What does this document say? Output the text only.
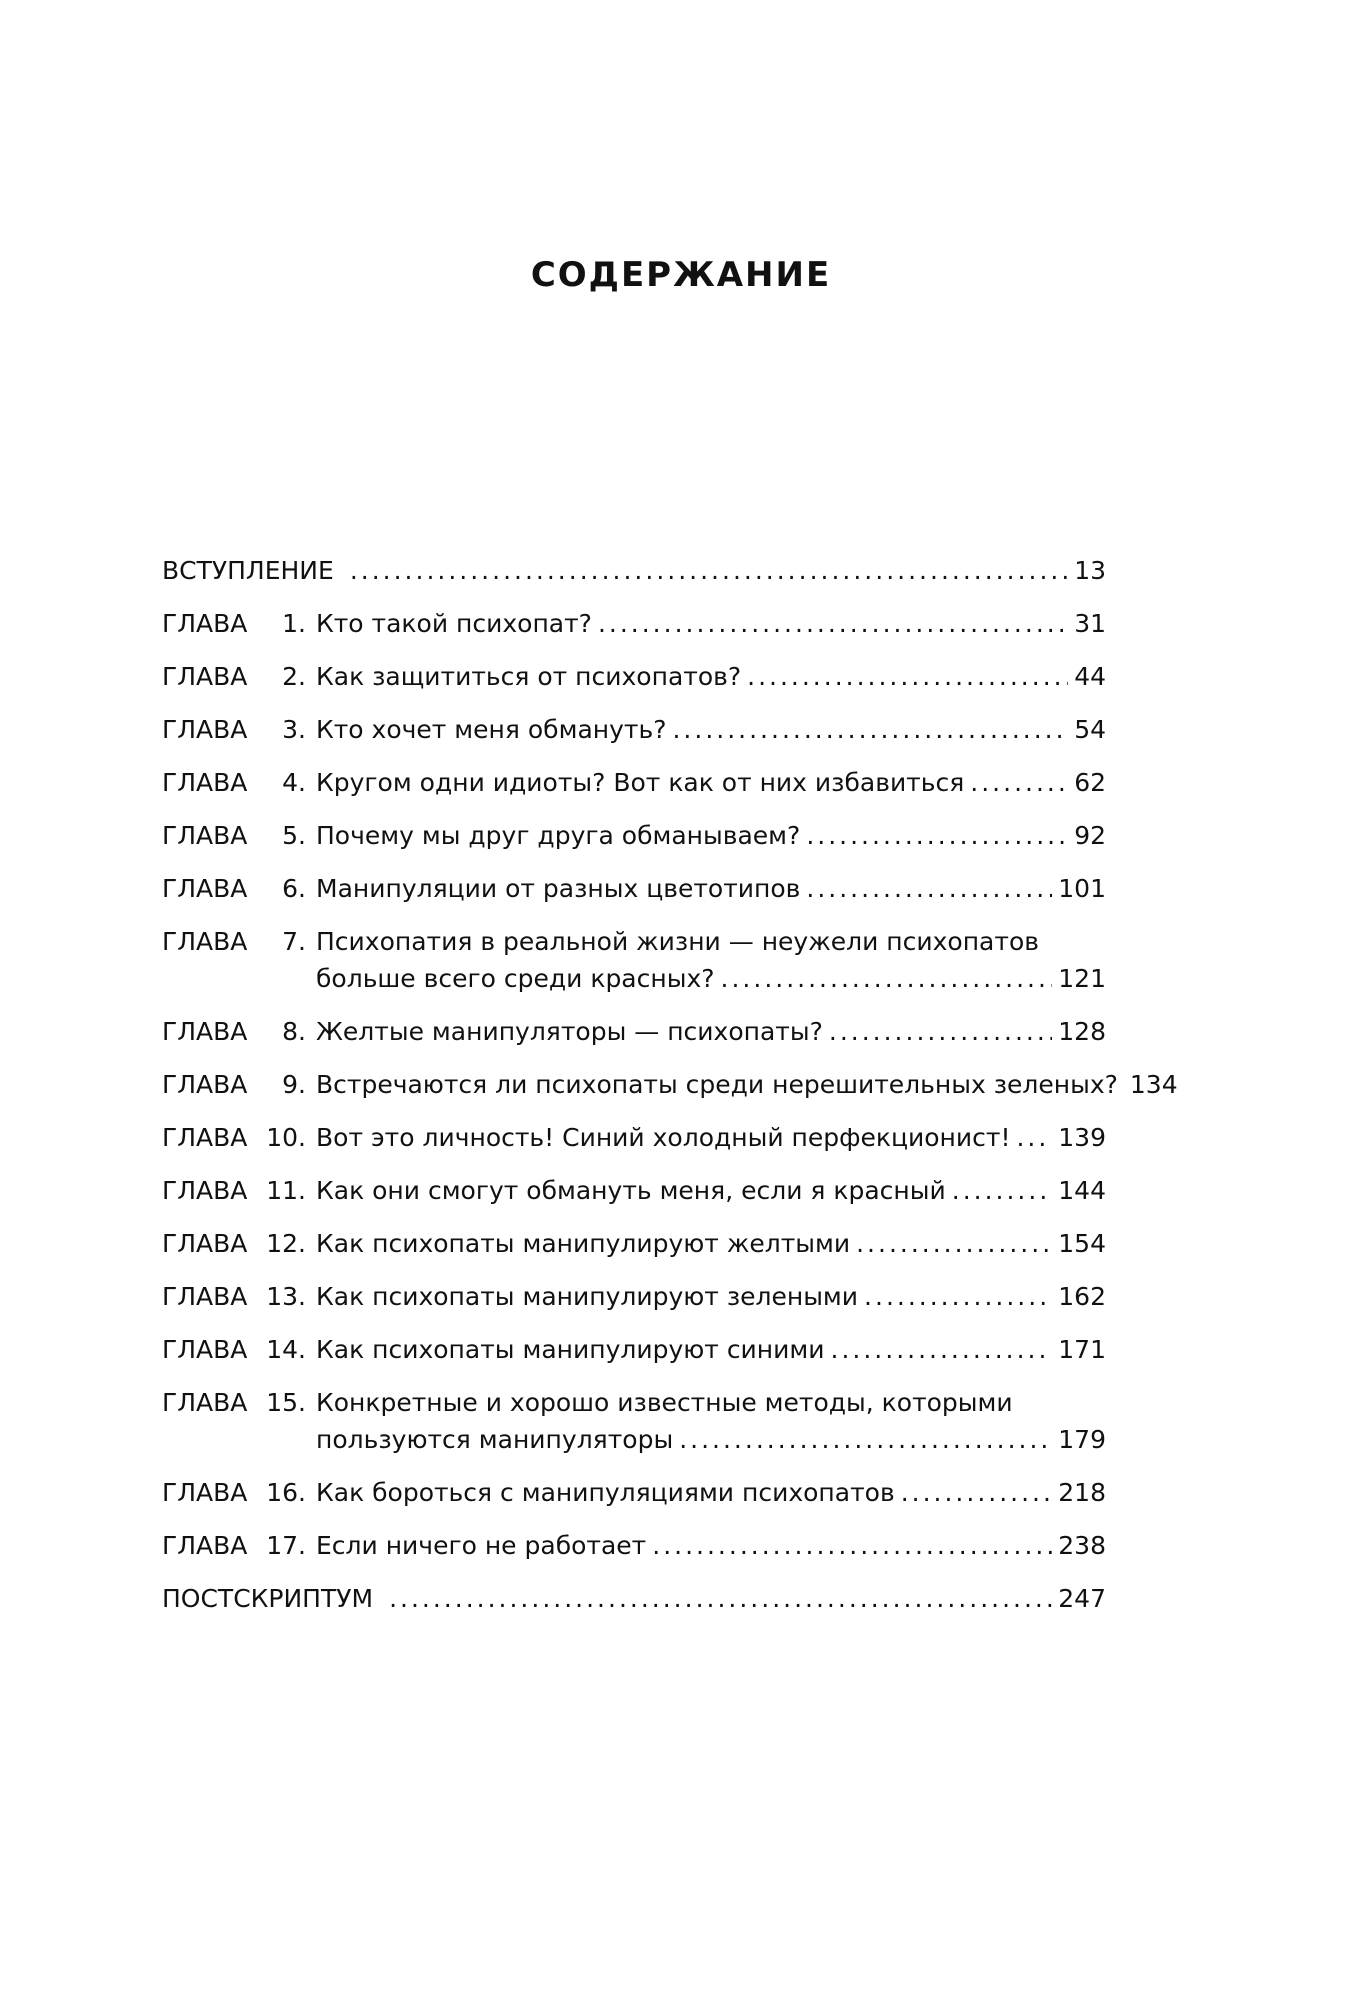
СОДЕРЖАНИЕ
ВСТУПЛЕНИЕ .....	13
ГЛАВА	1. Кто такой психопат? .....	31
ГЛАВА	2. Как защититься от психопатов? .....	44
ГЛАВА	3. Кто хочет меня обмануть? .....	54
ГЛАВА	4. Кругом одни идиоты? Вот как от них избавиться .....	62
ГЛАВА	5. Почему мы друг друга обманываем? .....	92
ГЛАВА	6. Манипуляции от разных цветотипов .....	101
ГЛАВА	7. Психопатия в реальной жизни — неужели психопатов
больше всего среди красных? .....	121
ГЛАВА	8. Желтые манипуляторы — психопаты? .....	128
ГЛАВА	9. Встречаются ли психопаты среди нерешительных зеленых? 134
ГЛАВА 10. Вот это личность! Синий холодный перфекционист! ..... 139
ГЛАВА 11. Как они смогут обмануть меня, если я красный .....	144
ГЛАВА 12. Как психопаты манипулируют желтыми .....	154
ГЛАВА 13. Как психопаты манипулируют зелеными .....	162
ГЛАВА 14. Как психопаты манипулируют синими .....	171
ГЛАВА 15. Конкретные и хорошо известные методы, которыми
пользуются манипуляторы .....	179
ГЛАВА 16. Как бороться с манипуляциями психопатов .....	218
ГЛАВА 17. Если ничего не работает .....	238
ПОСТСКРИПТУМ .....	247
